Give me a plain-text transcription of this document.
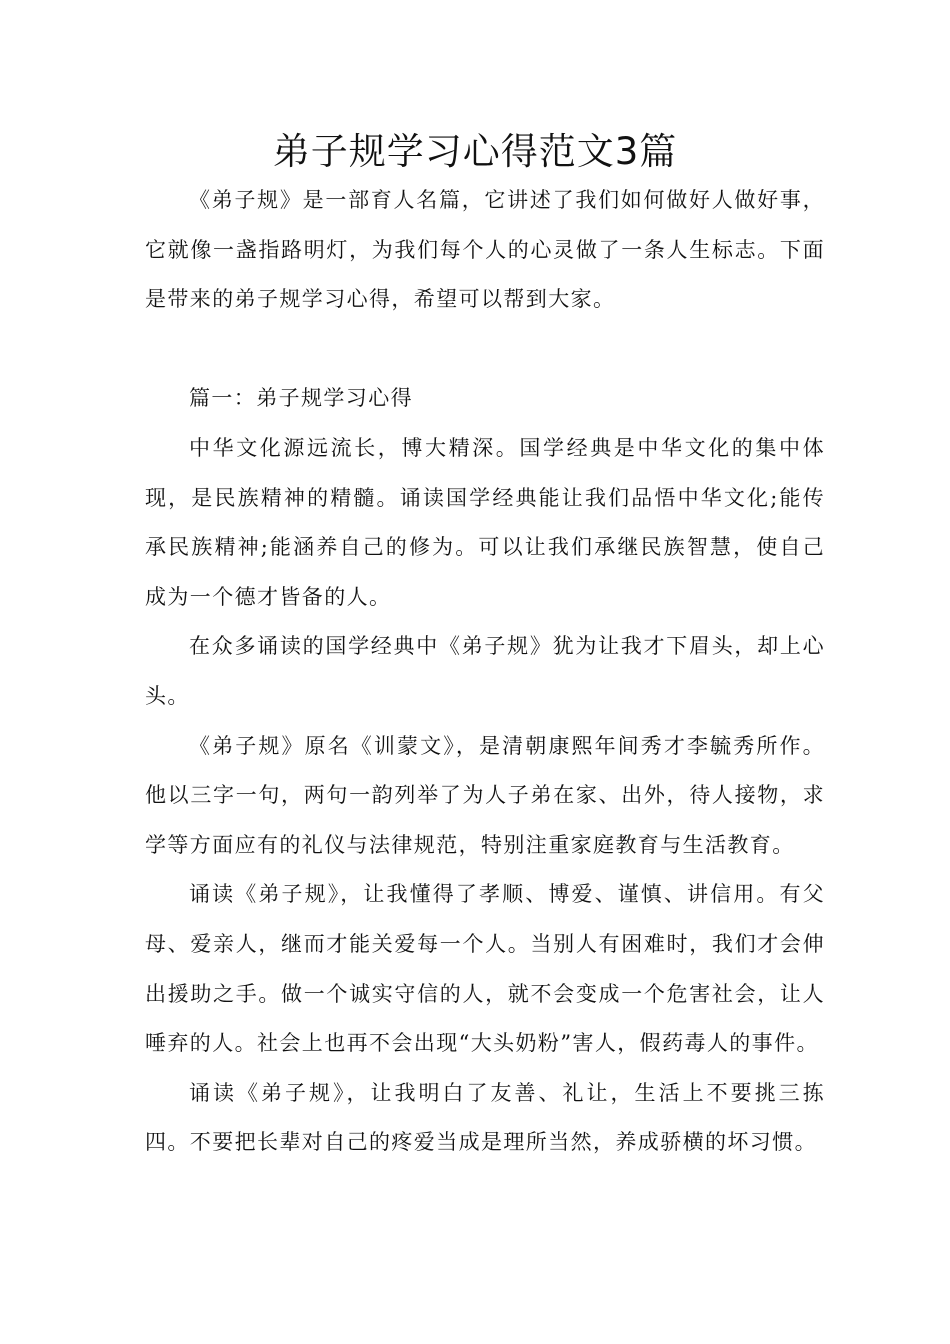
弟子规学习心得范文3篇

《弟子规》是一部育人名篇，它讲述了我们如何做好人做好事，它就像一盏指路明灯，为我们每个人的心灵做了一条人生标志。下面是带来的弟子规学习心得，希望可以帮到大家。

篇一：弟子规学习心得

中华文化源远流长，博大精深。国学经典是中华文化的集中体现，是民族精神的精髓。诵读国学经典能让我们品悟中华文化;能传承民族精神;能涵养自己的修为。可以让我们承继民族智慧，使自己成为一个德才皆备的人。

在众多诵读的国学经典中《弟子规》犹为让我才下眉头，却上心头。

《弟子规》原名《训蒙文》，是清朝康熙年间秀才李毓秀所作。他以三字一句，两句一韵列举了为人子弟在家、出外，待人接物，求学等方面应有的礼仪与法律规范，特别注重家庭教育与生活教育。

诵读《弟子规》，让我懂得了孝顺、博爱、谨慎、讲信用。有父母、爱亲人，继而才能关爱每一个人。当别人有困难时，我们才会伸出援助之手。做一个诚实守信的人，就不会变成一个危害社会，让人唾弃的人。社会上也再不会出现“大头奶粉”害人，假药毒人的事件。

诵读《弟子规》，让我明白了友善、礼让，生活上不要挑三拣四。不要把长辈对自己的疼爱当成是理所当然，养成骄横的坏习惯。
